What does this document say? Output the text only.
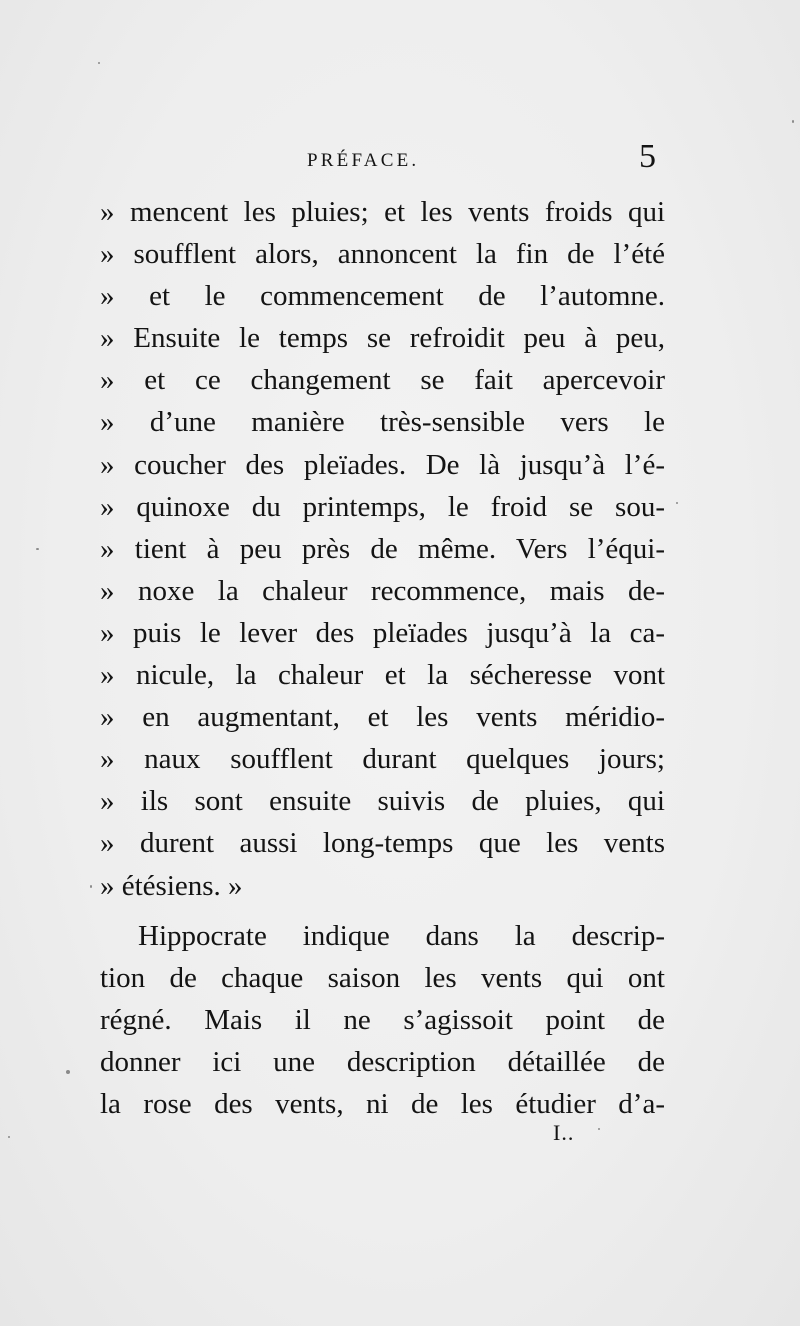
PRÉFACE.	5
» mencent les pluies; et les vents froids qui
» soufflent alors, annoncent la fin de l’été
» et le commencement de l’automne.
» Ensuite le temps se refroidit peu à peu,
» et ce changement se fait apercevoir
» d’une manière très-sensible vers le
» coucher des pleïades. De là jusqu’à l’é-
» quinoxe du printemps, le froid se sou-
» tient à peu près de même. Vers l’équi-
» noxe la chaleur recommence, mais de-
» puis le lever des pleïades jusqu’à la ca-
» nicule, la chaleur et la sécheresse vont
» en augmentant, et les vents méridio-
» naux soufflent durant quelques jours;
» ils sont ensuite suivis de pluies, qui
» durent aussi long-temps que les vents
» étésiens. »
Hippocrate indique dans la descrip-
tion de chaque saison les vents qui ont
régné. Mais il ne s’agissoit point de
donner ici une description détaillée de
la rose des vents, ni de les étudier d’a-
I..
